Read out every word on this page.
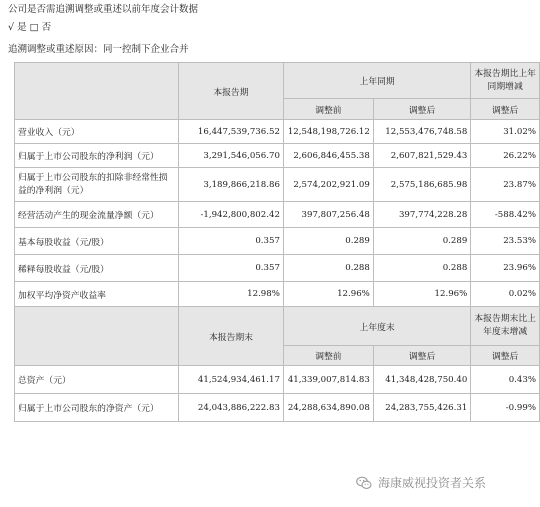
公司是否需追溯调整或重述以前年度会计数据
√ 是 □ 否
追溯调整或重述原因：同一控制下企业合并
	本报告期	上年同期		本报告期比上年同期增减
		调整前	调整后	调整后
营业收入（元）	16,447,539,736.52	12,548,198,726.12	12,553,476,748.58	31.02%
归属于上市公司股东的净利润（元）	3,291,546,056.70	2,606,846,455.38	2,607,821,529.43	26.22%
归属于上市公司股东的扣除非经常性损益的净利润（元）	3,189,866,218.86	2,574,202,921.09	2,575,186,685.98	23.87%
经营活动产生的现金流量净额（元）	-1,942,800,802.42	397,807,256.48	397,774,228.28	-588.42%
基本每股收益（元/股）	0.357	0.289	0.289	23.53%
稀释每股收益（元/股）	0.357	0.288	0.288	23.96%
加权平均净资产收益率	12.98%	12.96%	12.96%	0.02%
	本报告期末	上年度末		本报告期末比上年度末增减
		调整前	调整后	调整后
总资产（元）	41,524,934,461.17	41,339,007,814.83	41,348,428,750.40	0.43%
归属于上市公司股东的净资产（元）	24,043,886,222.83	24,288,634,890.08	24,283,755,426.31	-0.99%
海康威视投资者关系
